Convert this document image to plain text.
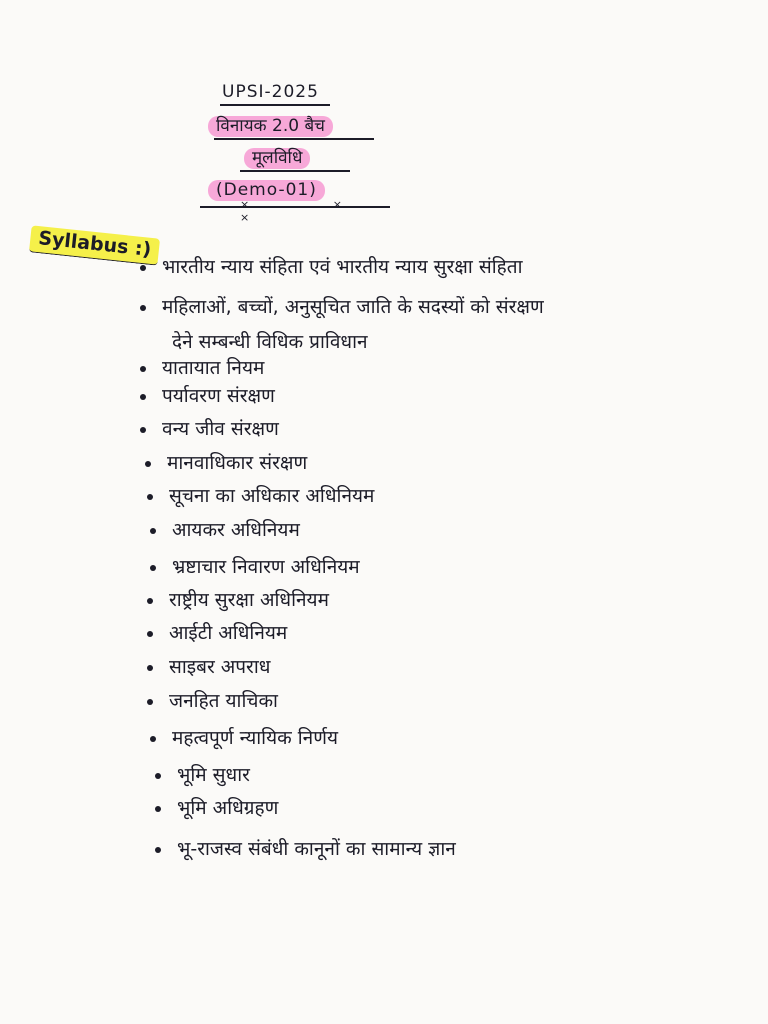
UPSI-2025
विनायक 2.0 बैच
मूलविधि
(Demo-01)
× × ×
Syllabus :)
भारतीय न्याय संहिता एवं भारतीय न्याय सुरक्षा संहिता
महिलाओं, बच्चों, अनुसूचित जाति के सदस्यों को संरक्षण
देने सम्बन्धी विधिक प्राविधान
यातायात नियम
पर्यावरण संरक्षण
वन्य जीव संरक्षण
मानवाधिकार संरक्षण
सूचना का अधिकार अधिनियम
आयकर अधिनियम
भ्रष्टाचार निवारण अधिनियम
राष्ट्रीय सुरक्षा अधिनियम
आईटी अधिनियम
साइबर अपराध
जनहित याचिका
महत्वपूर्ण न्यायिक निर्णय
भूमि सुधार
भूमि अधिग्रहण
भू-राजस्व संबंधी कानूनों का सामान्य ज्ञान
